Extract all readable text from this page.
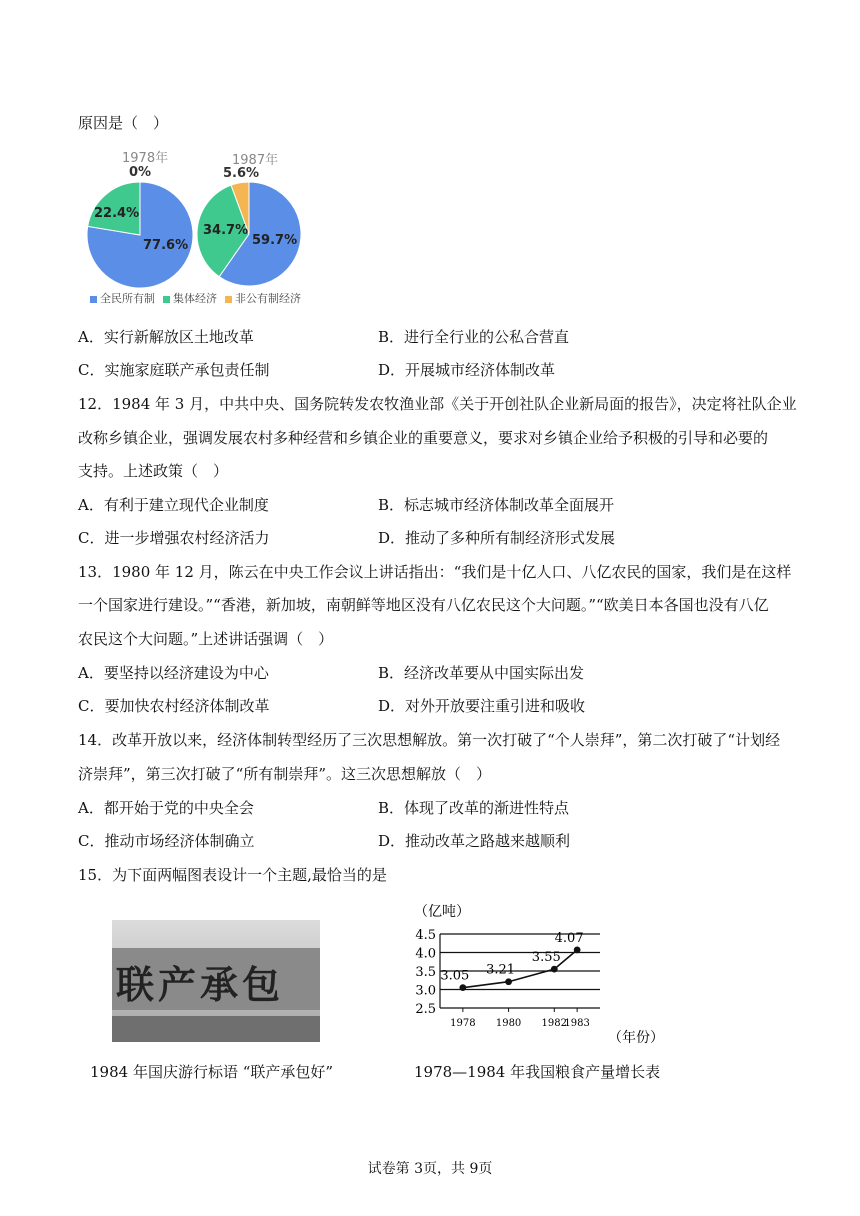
原因是（　）
1978年
0%
22.4%
77.6%
1987年
5.6%
34.7%
59.7%
全民所有制	集体经济	非公有制经济
A．实行新解放区土地改革	B．进行全行业的公私合营直
C．实施家庭联产承包责任制	D．开展城市经济体制改革
12．1984 年 3 月，中共中央、国务院转发农牧渔业部《关于开创社队企业新局面的报告》，决定将社队企业
改称乡镇企业，强调发展农村多种经营和乡镇企业的重要意义，要求对乡镇企业给予积极的引导和必要的
支持。上述政策（　）
A．有利于建立现代企业制度	B．标志城市经济体制改革全面展开
C．进一步增强农村经济活力	D．推动了多种所有制经济形式发展
13．1980 年 12 月，陈云在中央工作会议上讲话指出：“我们是十亿人口、八亿农民的国家，我们是在这样
一个国家进行建设。”“香港，新加坡，南朝鲜等地区没有八亿农民这个大问题。”“欧美日本各国也没有八亿
农民这个大问题。”上述讲话强调（　）
A．要坚持以经济建设为中心	B．经济改革要从中国实际出发
C．要加快农村经济体制改革	D．对外开放要注重引进和吸收
14．改革开放以来，经济体制转型经历了三次思想解放。第一次打破了“个人崇拜”，第二次打破了“计划经
济崇拜”，第三次打破了“所有制崇拜”。这三次思想解放（　）
A．都开始于党的中央全会	B．体现了改革的渐进性特点
C．推动市场经济体制确立	D．推动改革之路越来越顺利
15．为下面两幅图表设计一个主题,最恰当的是
联产承包
1984 年国庆游行标语 “联产承包好”
（亿吨）
2.5
3.0
3.5
4.0
4.5
1978 1980 1982
1983
3.05 3.21
3.55
4.07
（年份）
1978—1984 年我国粮食产量增长表
试卷第 3页，共 9页
